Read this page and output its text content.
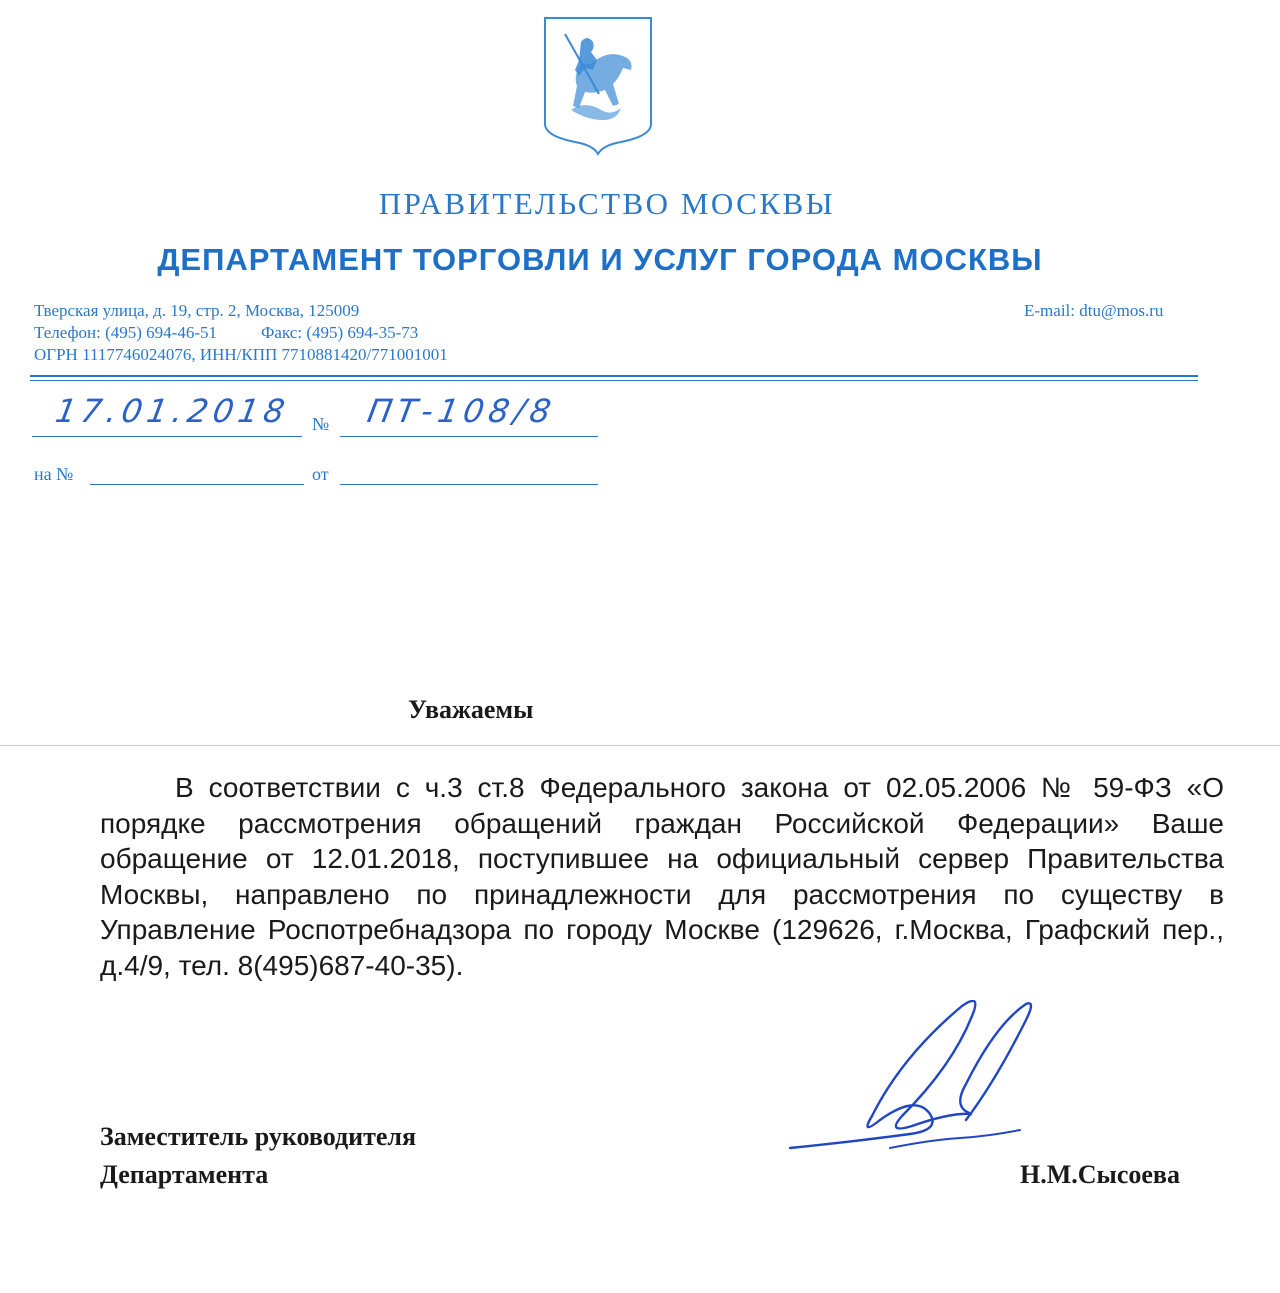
ПРАВИТЕЛЬСТВО МОСКВЫ
ДЕПАРТАМЕНТ ТОРГОВЛИ И УСЛУГ ГОРОДА МОСКВЫ
Тверская улица, д. 19, стр. 2, Москва, 125009
Телефон: (495) 694-46-51	Факс: (495) 694-35-73
ОГРН 1117746024076, ИНН/КПП 7710881420/771001001
E-mail: dtu@mos.ru
17.01.2018 № ПТ-108/8
на №	от
Уважаемы
В соответствии с ч.3 ст.8 Федерального закона от 02.05.2006 № 59-ФЗ «О порядке рассмотрения обращений граждан Российской Федерации» Ваше обращение от 12.01.2018, поступившее на официальный сервер Правительства Москвы, направлено по принадлежности для рассмотрения по существу в Управление Роспотребнадзора по городу Москве (129626, г.Москва, Графский пер., д.4/9, тел. 8(495)687-40-35).
Заместитель руководителя
Департамента	Н.М.Сысоева
